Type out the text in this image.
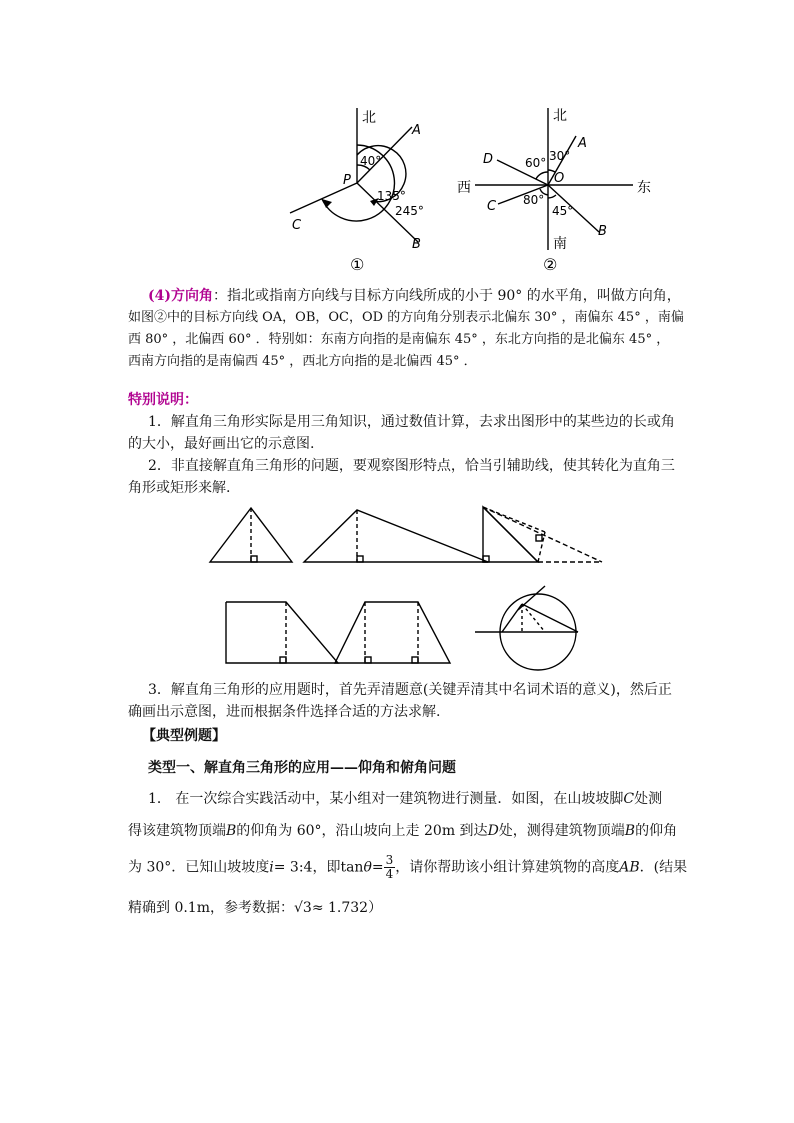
北
A
B
C
P
40°
135°
245°
①
北
南
东
西
A
B
C
D
O
30°
60°
80°
45°
②
(4)方向角：指北或指南方向线与目标方向线所成的小于 90° 的水平角，叫做方向角，
如图②中的目标方向线 OA，OB，OC，OD 的方向角分别表示北偏东 30° ，南偏东 45° ，南偏
西 80° ，北偏西 60° ．特别如：东南方向指的是南偏东 45° ，东北方向指的是北偏东 45° ，
西南方向指的是南偏西 45° ，西北方向指的是北偏西 45° ．
特别说明：
1．解直角三角形实际是用三角知识，通过数值计算，去求出图形中的某些边的长或角
的大小，最好画出它的示意图.
2．非直接解直角三角形的问题，要观察图形特点，恰当引辅助线，使其转化为直角三
角形或矩形来解.
3．解直角三角形的应用题时，首先弄清题意(关键弄清其中名词术语的意义)，然后正
确画出示意图，进而根据条件选择合适的方法求解.
【典型例题】
类型一、解直角三角形的应用——仰角和俯角问题
1． 在一次综合实践活动中，某小组对一建筑物进行测量．如图，在山坡坡脚C处测
得该建筑物顶端B的仰角为 60°，沿山坡向上走 20m 到达D处，测得建筑物顶端B的仰角
为 30°．已知山坡坡度i= 3:4，即$\tan\theta= \frac{3}{4}$ ，请你帮助该小组计算建筑物的高度AB．(结果
精确到 0.1m，参考数据：√3≈ 1.732）
